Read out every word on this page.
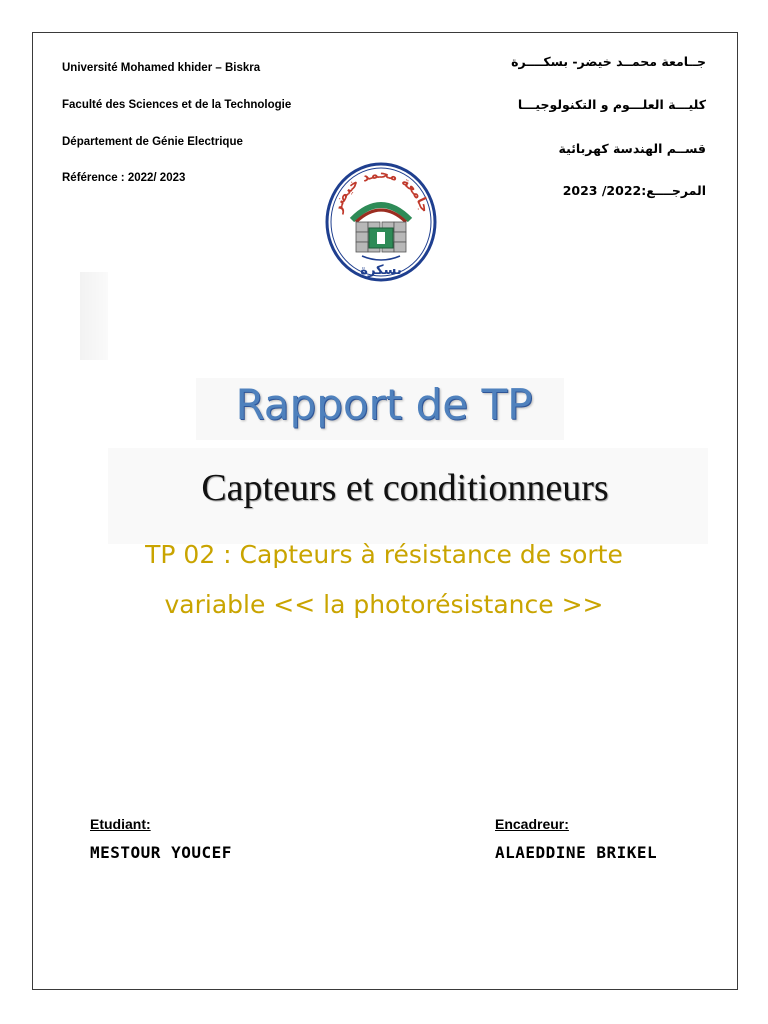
Université Mohamed khider – Biskra
Faculté des Sciences et de la Technologie
Département de Génie Electrique
Référence : 2022/ 2023
جــامعة محمــد خيضر- بسكــــرة
كليـــة العلـــوم و التكنولوجيـــا
قســم الهندسة كهربائية
المرجــــع:2022/ 2023
جامعة محمد خيضر
بسكرة
Rapport de TP
Capteurs et conditionneurs
TP 02 : Capteurs à résistance de sorte
variable << la photorésistance >>
Etudiant:
MESTOUR YOUCEF
Encadreur:
ALAEDDINE BRIKEL
